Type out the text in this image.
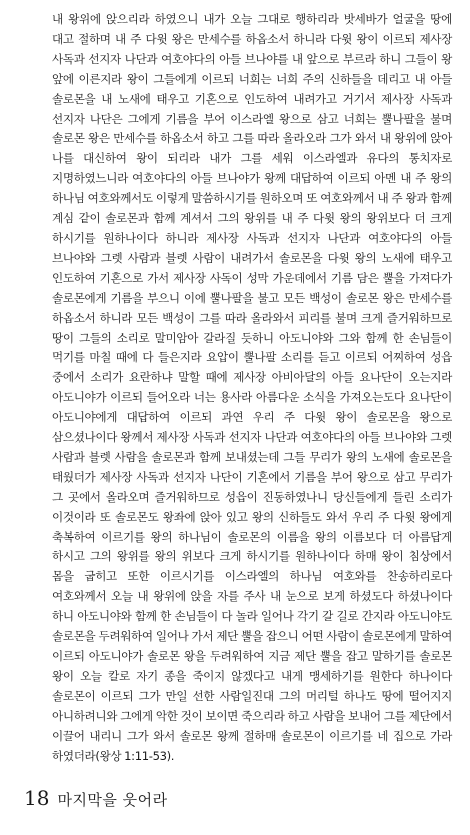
내 왕위에 앉으리라 하였으니 내가 오늘 그대로 행하리라 밧세바가 얼굴을 땅에 대고 절하며 내 주 다윗 왕은 만세수를 하옵소서 하니라 다윗 왕이 이르되 제사장 사독과 선지자 나단과 여호야다의 아들 브나야를 내 앞으로 부르라 하니 그들이 왕 앞에 이른지라 왕이 그들에게 이르되 너희는 너희 주의 신하들을 데리고 내 아들 솔로몬을 내 노새에 태우고 기혼으로 인도하여 내려가고 거기서 제사장 사독과 선지자 나단은 그에게 기름을 부어 이스라엘 왕으로 삼고 너희는 뿔나팔을 불며 솔로몬 왕은 만세수를 하옵소서 하고 그를 따라 올라오라 그가 와서 내 왕위에 앉아 나를 대신하여 왕이 되리라 내가 그를 세워 이스라엘과 유다의 통치자로 지명하였느니라 여호야다의 아들 브나야가 왕께 대답하여 이르되 아멘 내 주 왕의 하나님 여호와께서도 이렇게 말씀하시기를 원하오며 또 여호와께서 내 주 왕과 함께 계심 같이 솔로몬과 함께 계셔서 그의 왕위를 내 주 다윗 왕의 왕위보다 더 크게 하시기를 원하나이다 하니라 제사장 사독과 선지자 나단과 여호야다의 아들 브나야와 그렛 사람과 블렛 사람이 내려가서 솔로몬을 다윗 왕의 노새에 태우고 인도하여 기혼으로 가서 제사장 사독이 성막 가운데에서 기름 담은 뿔을 가져다가 솔로몬에게 기름을 부으니 이에 뿔나팔을 불고 모든 백성이 솔로몬 왕은 만세수를 하옵소서 하니라 모든 백성이 그를 따라 올라와서 피리를 불며 크게 즐거워하므로 땅이 그들의 소리로 말미암아 갈라질 듯하니 아도니야와 그와 함께 한 손님들이 먹기를 마칠 때에 다 들은지라 요압이 뿔나팔 소리를 듣고 이르되 어찌하여 성읍 중에서 소리가 요란하냐 말할 때에 제사장 아비아달의 아들 요나단이 오는지라 아도니야가 이르되 들어오라 너는 용사라 아름다운 소식을 가져오는도다 요나단이 아도니야에게 대답하여 이르되 과연 우리 주 다윗 왕이 솔로몬을 왕으로 삼으셨나이다 왕께서 제사장 사독과 선지자 나단과 여호야다의 아들 브나야와 그렛 사람과 블렛 사람을 솔로몬과 함께 보내셨는데 그들 무리가 왕의 노새에 솔로몬을 태웠더가 제사장 사독과 선지자 나단이 기혼에서 기름을 부어 왕으로 삼고 무리가 그 곳에서 올라오며 즐거워하므로 성읍이 진동하였나니 당신들에게 들린 소리가 이것이라 또 솔로몬도 왕좌에 앉아 있고 왕의 신하들도 와서 우리 주 다윗 왕에게 축복하여 이르기를 왕의 하나님이 솔로몬의 이름을 왕의 이름보다 더 아름답게 하시고 그의 왕위를 왕의 위보다 크게 하시기를 원하나이다 하매 왕이 침상에서 몸을 굽히고 또한 이르시기를 이스라엘의 하나님 여호와를 찬송하리로다 여호와께서 오늘 내 왕위에 앉을 자를 주사 내 눈으로 보게 하셨도다 하셨나이다 하니 아도니야와 함께 한 손님들이 다 놀라 일어나 각기 갈 길로 간지라 아도니야도 솔로몬을 두려워하여 일어나 가서 제단 뿔을 잡으니 어떤 사람이 솔로몬에게 말하여 이르되 아도니야가 솔로몬 왕을 두려워하여 지금 제단 뿔을 잡고 말하기를 솔로몬 왕이 오늘 칼로 자기 종을 죽이지 않겠다고 내게 맹세하기를 원한다 하나이다 솔로몬이 이르되 그가 만일 선한 사람일진대 그의 머리털 하나도 땅에 떨어지지 아니하려니와 그에게 악한 것이 보이면 죽으리라 하고 사람을 보내어 그를 제단에서 이끌어 내리니 그가 와서 솔로몬 왕께 절하매 솔로몬이 이르기를 네 집으로 가라 하였더라(왕상 1:11-53).

18 마지막을 웃어라
